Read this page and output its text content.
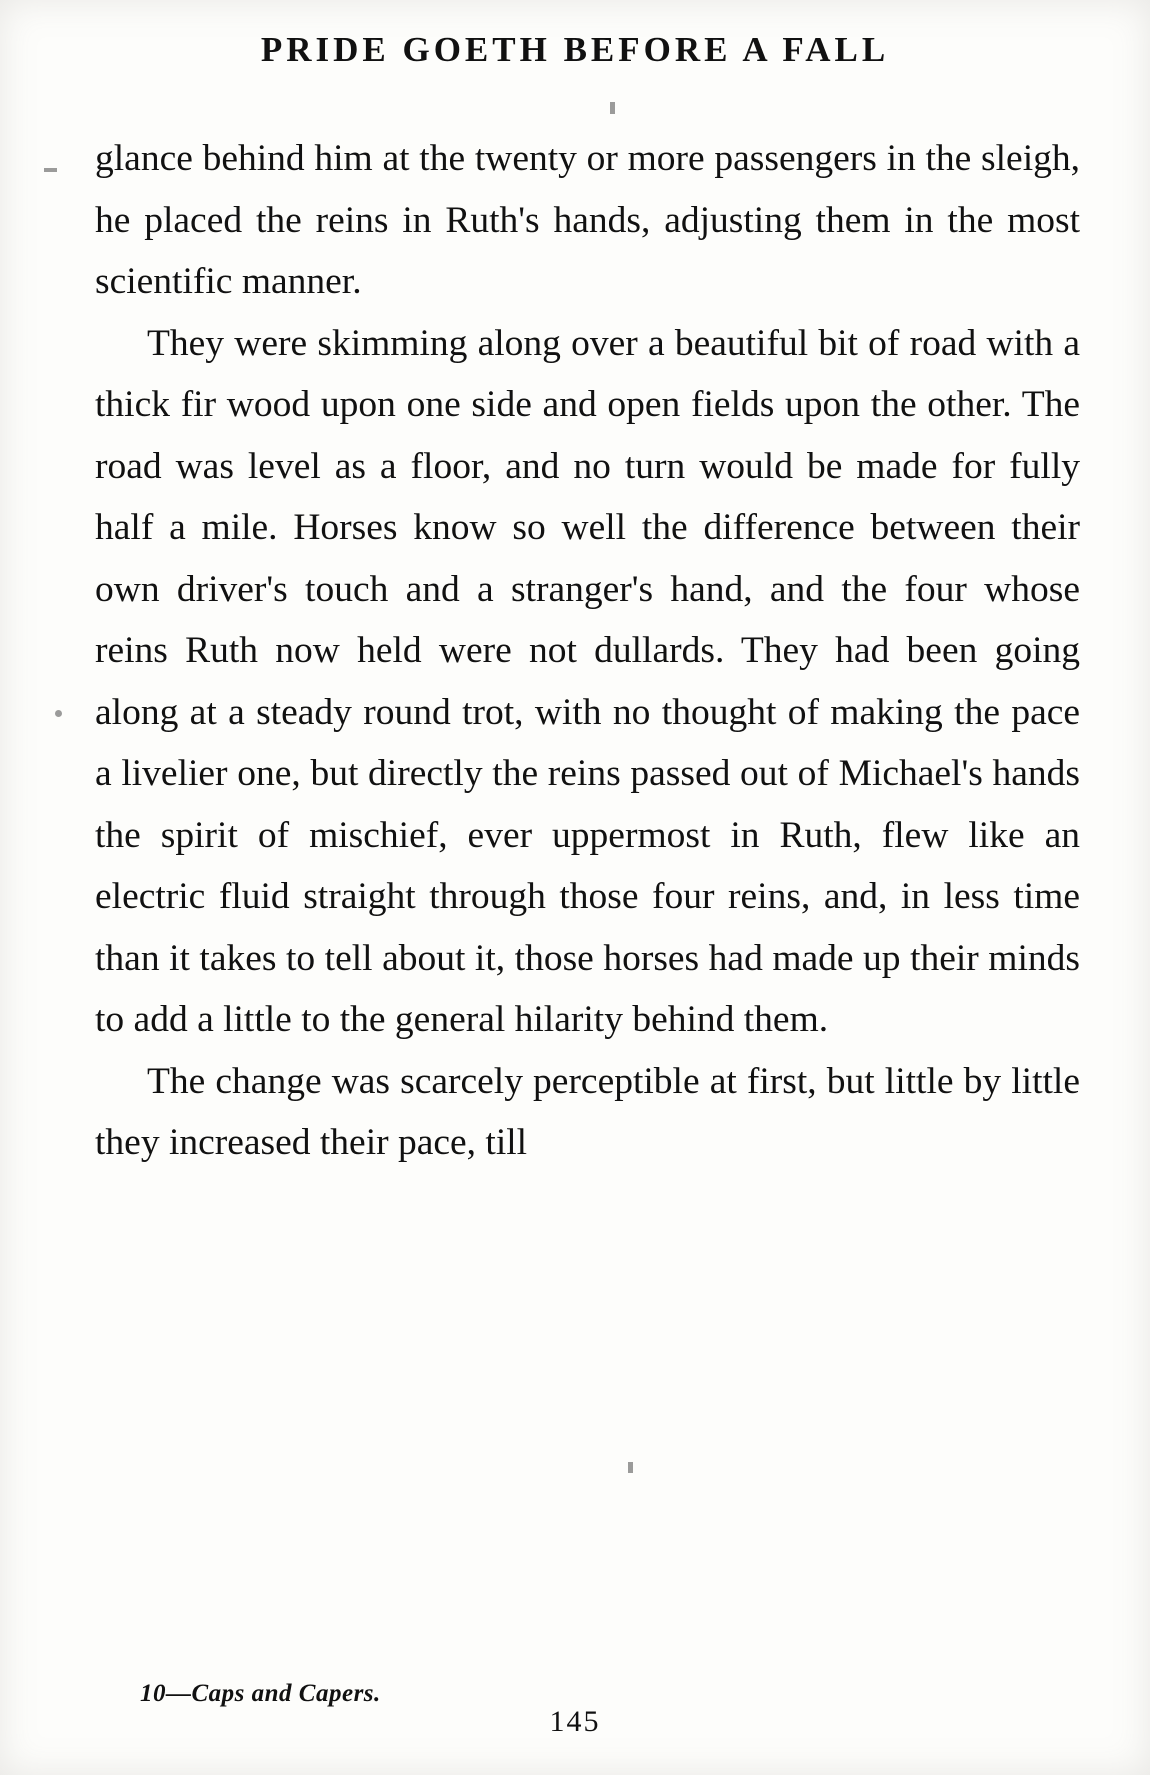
PRIDE GOETH BEFORE A FALL

glance behind him at the twenty or more passengers in the sleigh, he placed the reins in Ruth's hands, adjusting them in the most scientific manner.

They were skimming along over a beautiful bit of road with a thick fir wood upon one side and open fields upon the other. The road was level as a floor, and no turn would be made for fully half a mile. Horses know so well the difference between their own driver's touch and a stranger's hand, and the four whose reins Ruth now held were not dullards. They had been going along at a steady round trot, with no thought of making the pace a livelier one, but directly the reins passed out of Michael's hands the spirit of mischief, ever uppermost in Ruth, flew like an electric fluid straight through those four reins, and, in less time than it takes to tell about it, those horses had made up their minds to add a little to the general hilarity behind them.

The change was scarcely perceptible at first, but little by little they increased their pace, till

10—Caps and Capers.
145
